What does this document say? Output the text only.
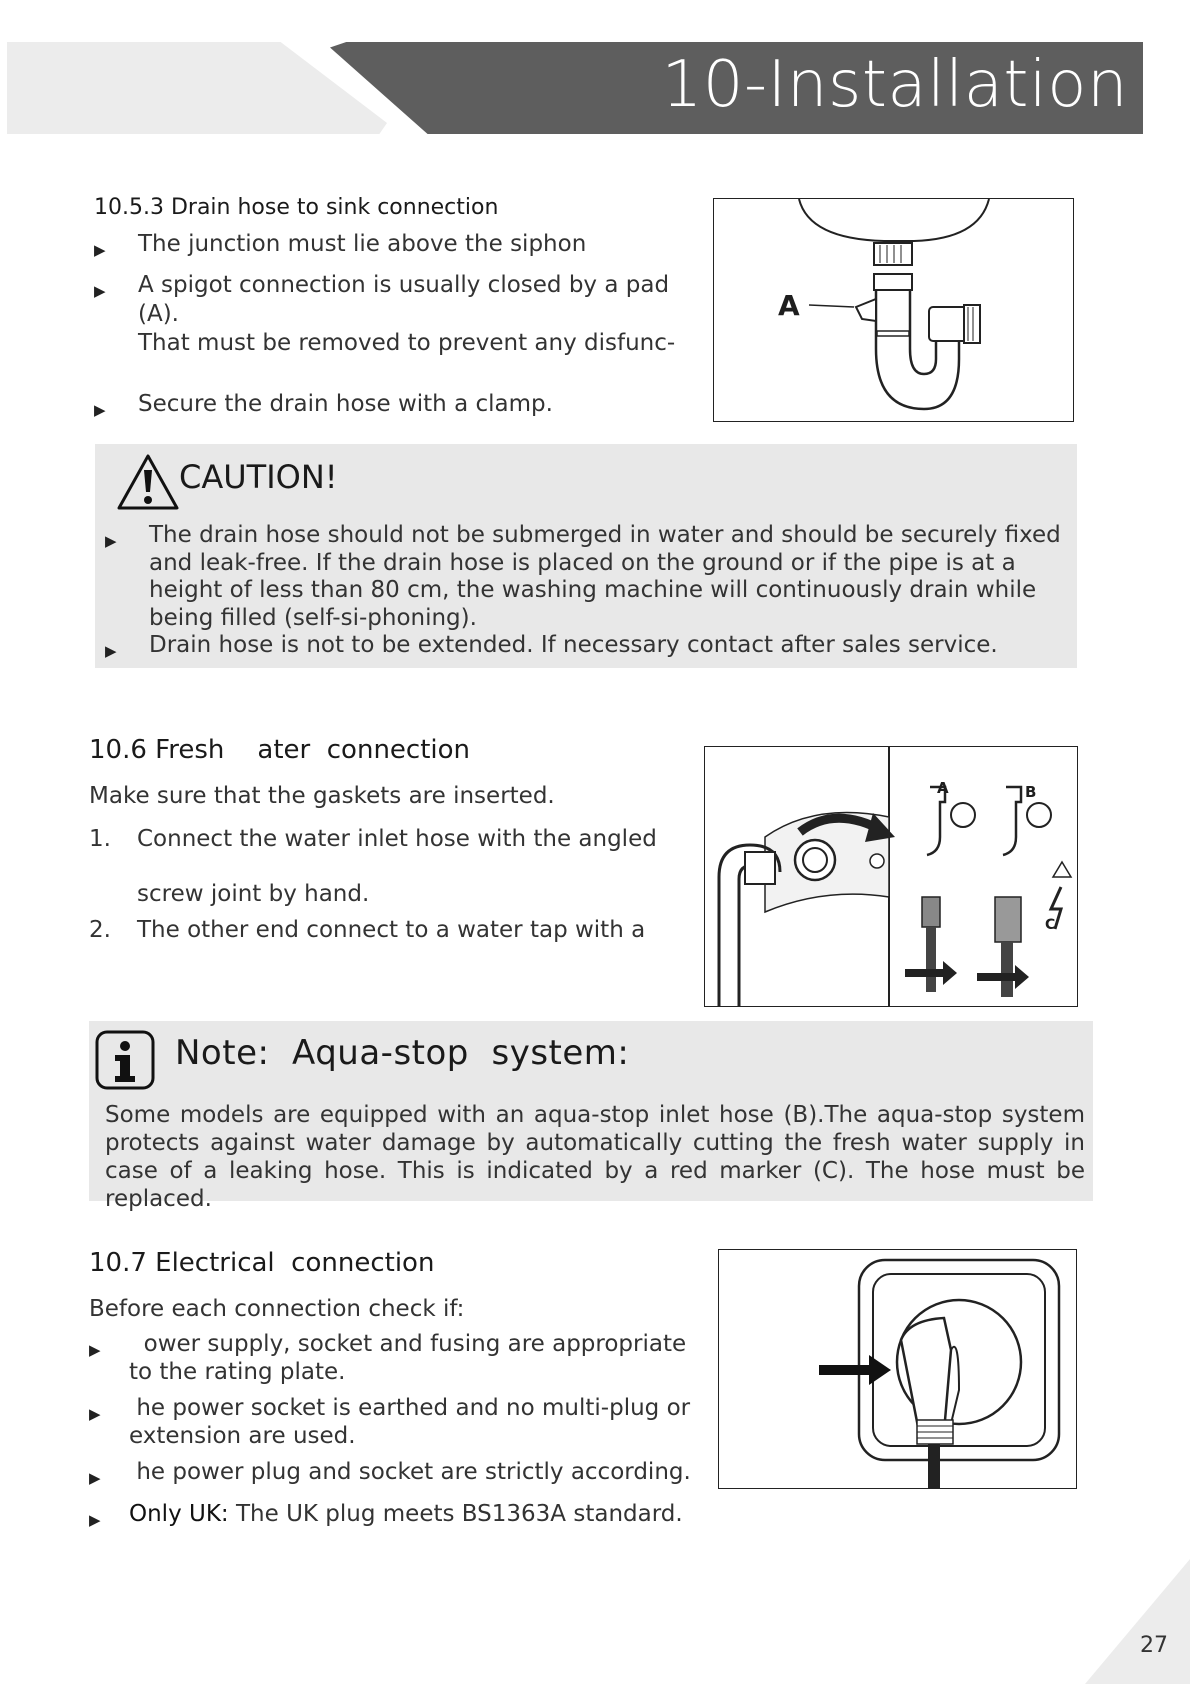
10-Installation
10.5.3 Drain hose to sink connection
▶	The junction must lie above the siphon
▶	A spigot connection is usually closed by a pad (A).
That must be removed to prevent any disfunc-
▶	Secure the drain hose with a clamp.
A
CAUTION!
▶	The drain hose should not be submerged in water and should be securely fixed and leak-free. If the drain hose is placed on the ground or if the pipe is at a height of less than 80 cm, the washing machine will continuously drain while being filled (self-si-phoning).
▶	Drain hose is not to be extended. If necessary contact after sales service.
10.6 Fresh    ater  connection
Make sure that the gaskets are inserted.
1.	Connect the water inlet hose with the angled
screw joint by hand.
2.	The other end connect to a water tap with a
A	B
C
Note:  Aqua-stop  system:
Some models are equipped with an aqua-stop inlet hose (B).The aqua-stop system protects against water damage by automatically cutting the fresh water supply in case of a leaking hose. This is indicated by a red marker (C). The hose must be replaced.
10.7 Electrical  connection
Before each connection check if:
▶	ower supply, socket and fusing are appropriate to the rating plate.
▶	he power socket is earthed and no multi-plug or extension are used.
▶	he power plug and socket are strictly according.
▶	Only UK: The UK plug meets BS1363A standard.
27
